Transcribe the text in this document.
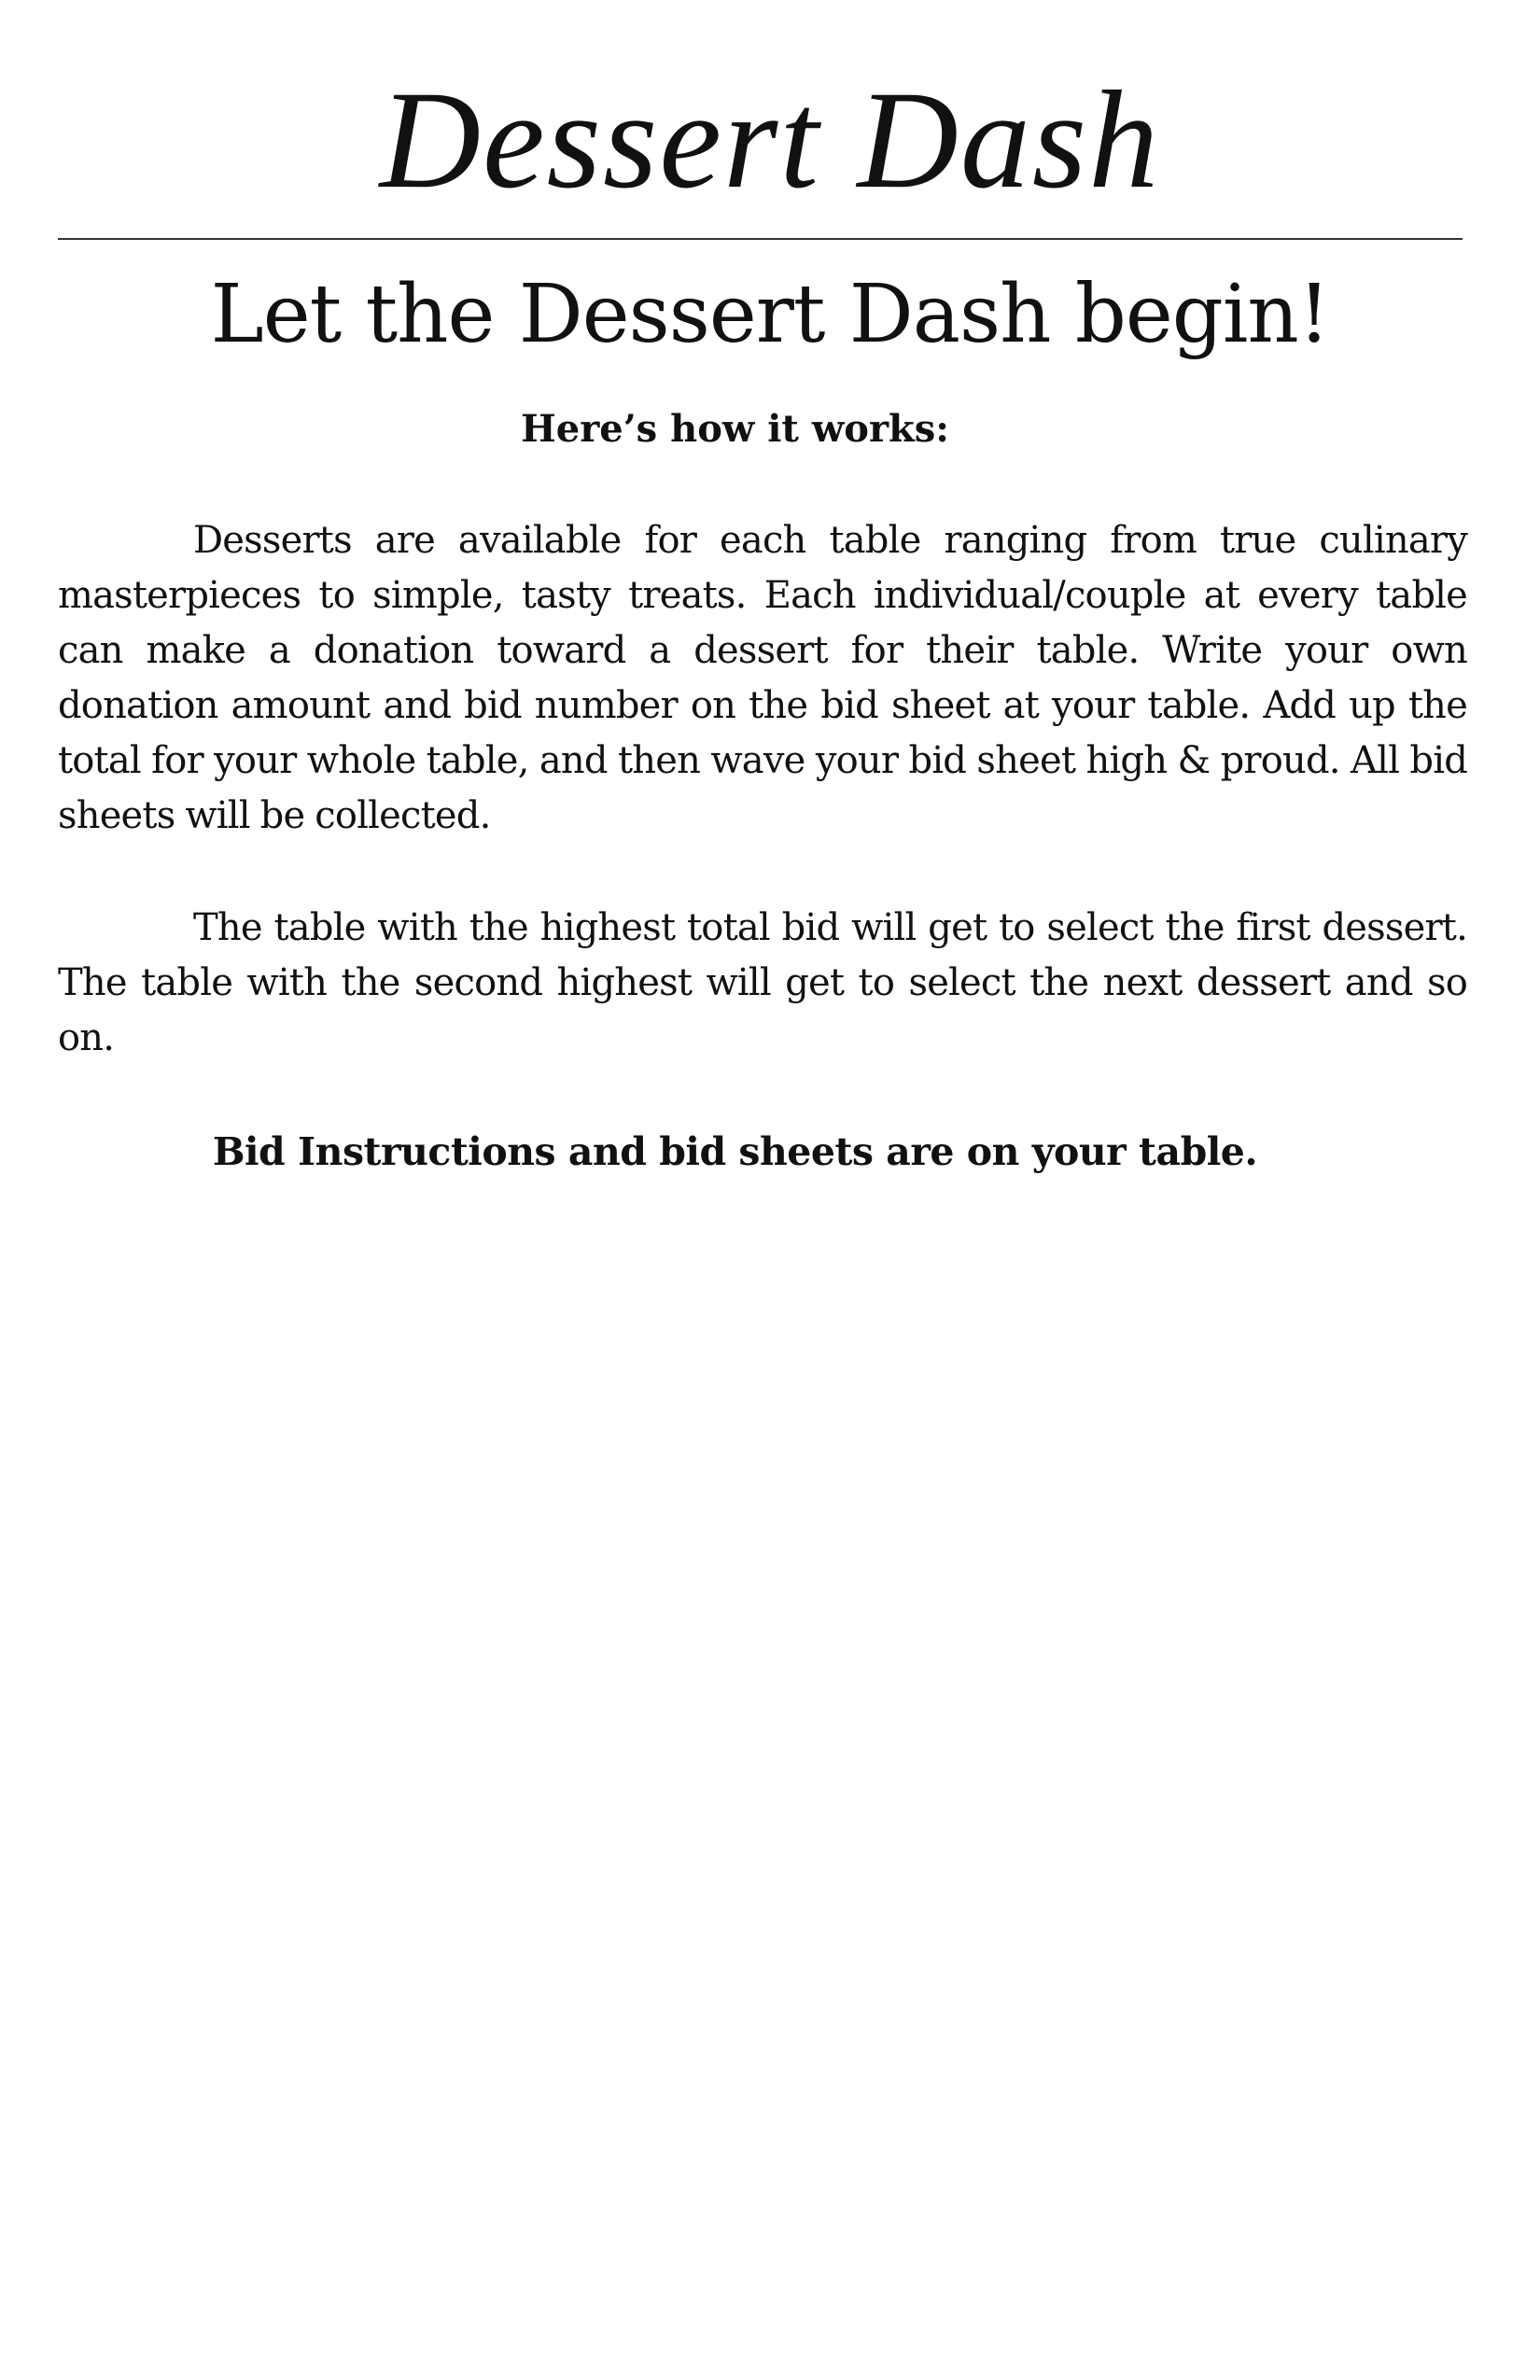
Dessert Dash
Let the Dessert Dash begin!
Here’s how it works:

Desserts are available for each table ranging from true culinary masterpieces to simple, tasty treats. Each individual/couple at every table can make a donation toward a dessert for their table. Write your own donation amount and bid number on the bid sheet at your table. Add up the total for your whole table, and then wave your bid sheet high & proud. All bid sheets will be collected.

The table with the highest total bid will get to select the first dessert. The table with the second highest will get to select the next dessert and so on.

Bid Instructions and bid sheets are on your table.
